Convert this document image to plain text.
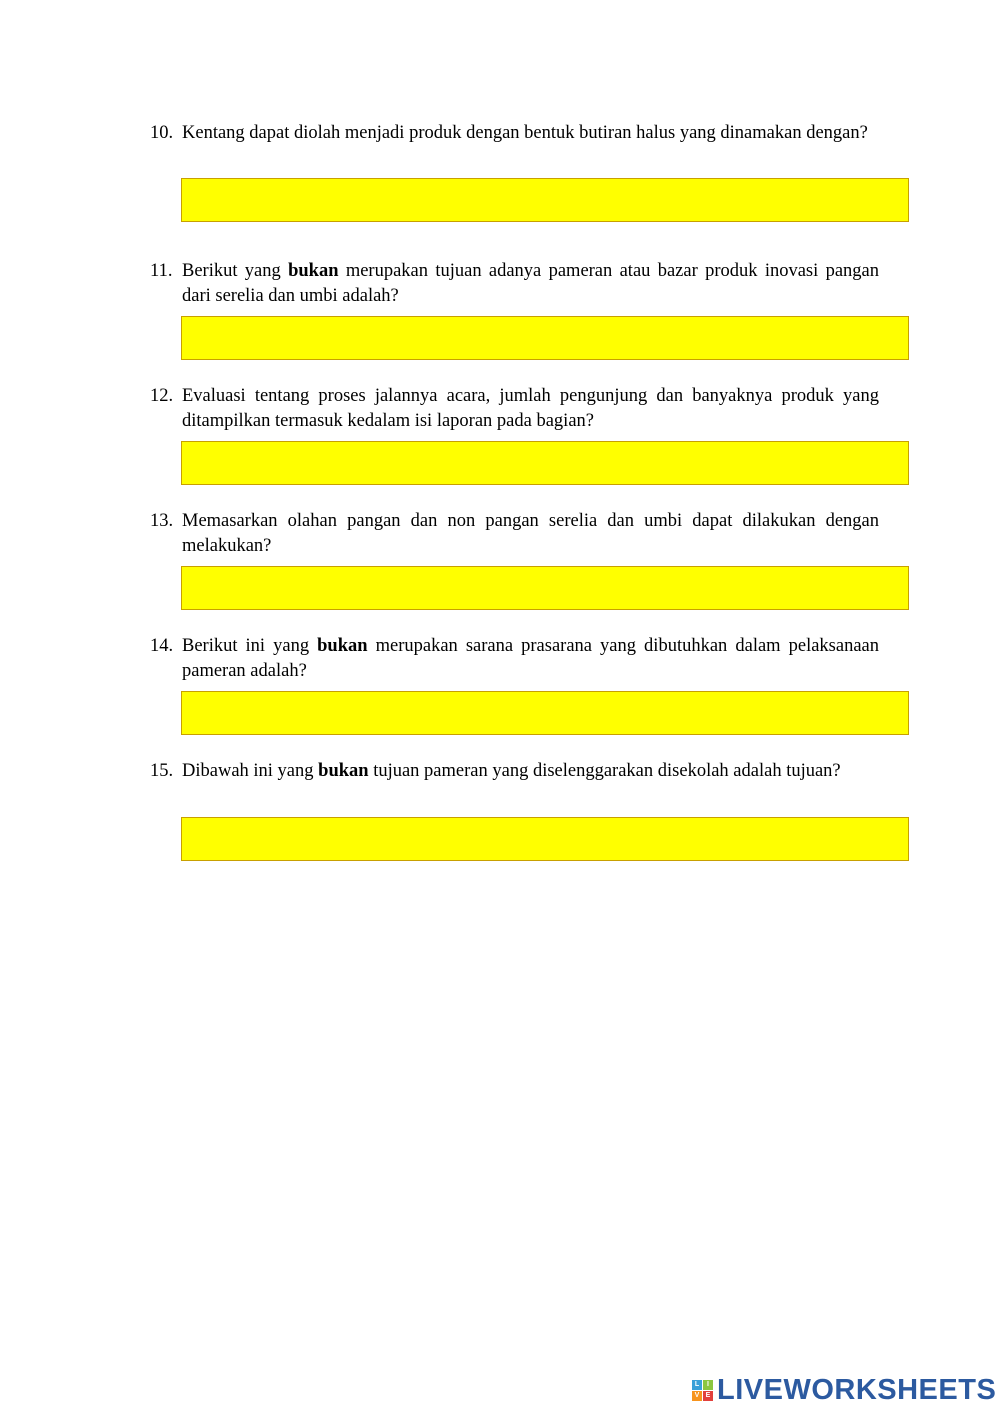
10. Kentang dapat diolah menjadi produk dengan bentuk butiran halus yang dinamakan dengan?
11. Berikut yang bukan merupakan tujuan adanya pameran atau bazar produk inovasi pangan dari serelia dan umbi adalah?
12. Evaluasi tentang proses jalannya acara, jumlah pengunjung dan banyaknya produk yang ditampilkan termasuk kedalam isi laporan pada bagian?
13. Memasarkan olahan pangan dan non pangan serelia dan umbi dapat dilakukan dengan melakukan?
14. Berikut ini yang bukan merupakan sarana prasarana yang dibutuhkan dalam pelaksanaan pameran adalah?
15. Dibawah ini yang bukan tujuan pameran yang diselenggarakan disekolah adalah tujuan?
L	I
V E LIVEWORKSHEETS
